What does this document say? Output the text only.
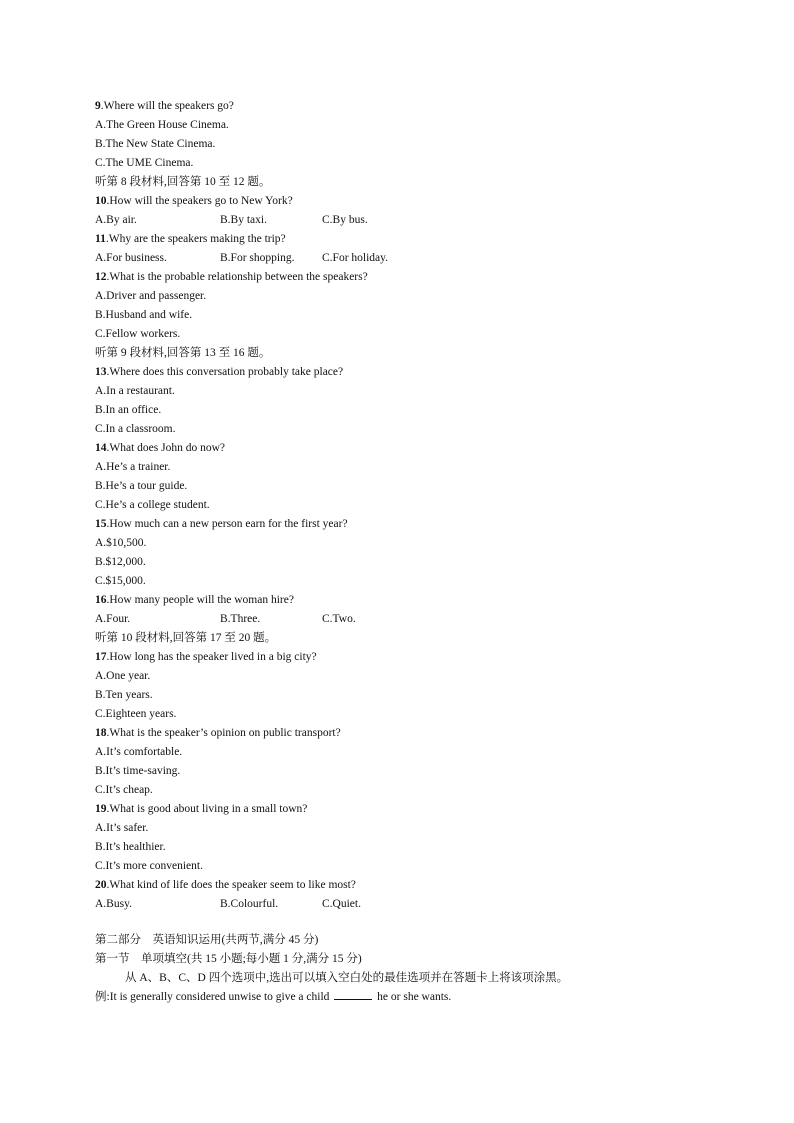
9.Where will the speakers go?
A.The Green House Cinema.
B.The New State Cinema.
C.The UME Cinema.
听第 8 段材料,回答第 10 至 12 题。
10.How will the speakers go to New York?
A.By air.	B.By taxi.	C.By bus.
11.Why are the speakers making the trip?
A.For business.	B.For shopping. C.For holiday.
12.What is the probable relationship between the speakers?
A.Driver and passenger.
B.Husband and wife.
C.Fellow workers.
听第 9 段材料,回答第 13 至 16 题。
13.Where does this conversation probably take place?
A.In a restaurant.
B.In an office.
C.In a classroom.
14.What does John do now?
A.He’s a trainer.
B.He’s a tour guide.
C.He’s a college student.
15.How much can a new person earn for the first year?
A.$10,500.
B.$12,000.
C.$15,000.
16.How many people will the woman hire?
A.Four.	B.Three.	C.Two.
听第 10 段材料,回答第 17 至 20 题。
17.How long has the speaker lived in a big city?
A.One year.
B.Ten years.
C.Eighteen years.
18.What is the speaker’s opinion on public transport?
A.It’s comfortable.
B.It’s time-saving.
C.It’s cheap.
19.What is good about living in a small town?
A.It’s safer.
B.It’s healthier.
C.It’s more convenient.
20.What kind of life does the speaker seem to like most?
A.Busy.	B.Colourful.	C.Quiet.
第二部分　英语知识运用(共两节,满分 45 分)
第一节　单项填空(共 15 小题;每小题 1 分,满分 15 分)
从 A、B、C、D 四个选项中,选出可以填入空白处的最佳选项并在答题卡上将该项涂黑。
例:It is generally considered unwise to give a child	he or she wants.
